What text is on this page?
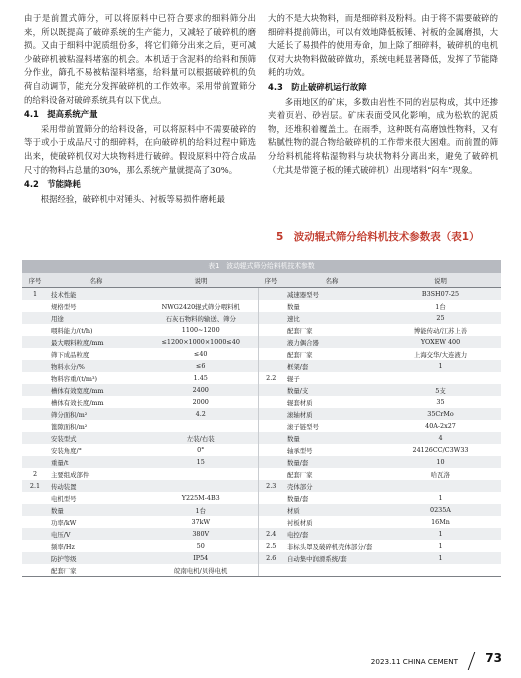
由于是前置式筛分，可以将原料中已符合要求的细料筛分出来，所以既提高了破碎系统的生产能力，又减轻了破碎机的磨损。又由于细料中泥质组份多，将它们筛分出来之后，更可减少破碎机被粘湿料堵塞的机会。本机适于含泥料的给料和预筛分作业，篩孔不易被粘湿料堵塞，给料量可以根据破碎机的负荷自动调节，能充分发挥破碎机的工作效率。采用带前置筛分的给料设备对破碎系统具有以下优点。

4.1　提高系统产量

采用带前置筛分的给料设备，可以将原料中不需要破碎的等于或小于成品尺寸的细碎料，在向破碎机的给料过程中筛选出来，使破碎机仅对大块物料进行破碎。假设原料中符合成品尺寸的物料占总量的30%，那么系统产量就提高了30%。

4.2　节能降耗

根据经验，破碎机中对锤头、衬板等易损件磨耗最

大的不是大块物料，而是细碎料及粉料。由于将不需要破碎的细碎料提前筛出，可以有效地降低板锤、衬板的金属磨损，大大延长了易损件的使用寿命，加上除了细碎料，破碎机的电机仅对大块物料做破碎做功，系统电耗显著降低，发挥了节能降耗的功效。

4.3　防止破碎机运行故障

多雨地区的矿床，多数由岩性不同的岩层构成，其中还掺夹着页岩、砂岩层。矿床表面受风化影响，成为松软的泥质物，还堆积着覆盖土。在雨季，这种既有高磨蚀性物料，又有粘腻性物的混合物给破碎机的工作带来很大困难。而前置的筛分给料机能将粘湿物料与块状物料分离出来，避免了破碎机（尤其是带篦子板的锤式破碎机）出现堵料“闷车”现象。

5　波动辊式筛分给料机技术参数表（表1）
表1　波动辊式筛分给料机技术参数
序号	名称	说明	序号	名称	说明
1	技术性能			减速器型号	B3SH07-25
	规格型号	NWG2420辊式筛分喂料机		数量	1台
	用途	石灰石物料的输送、筛分		速比	25
	喂料能力/(t/h)	1100~1200		配套厂家	博能传动/江苏上善
	最大喂料粒度/mm	≤1200×1000×1000≤40		液力偶合器	YOXEW 400
	筛下成品粒度	≤40		配套厂家	上海交华/大连液力
	物料水分/%	≤6		框架/套	1
	物料容重/(t/m³)	1.45	2.2	辊子	
	槽体有效宽度/mm	2400		数量/支	5支
	槽体有效长度/mm	2000		辊套材质	35
	筛分面积/m²	4.2		滚轴材质	35CrMo
	篦隙面积/m²			滚子链型号	40A-2x27
	安装型式	左装/右装		数量	4
	安装角度/°	0°		轴承型号	24126CC/C3W33
	重量/t	15		数量/套	10
2	主要组成部件			配套厂家	哈瓦洛
2.1	传动装置		2.3	壳体部分	
	电机型号	Y225M-4B3		数量/套	1
	数量	1台		材质	0235A
	功率/kW	37kW		衬板材质	16Mn
	电压/V	380V	2.4	电控/套	1
	频率/Hz	50	2.5	非标头罩及破碎机壳体部分/套	1
	防护等级	IP54	2.6	自动集中润滑系统/套	1
	配套厂家	皖南电机/贝得电机			
2023.11 CHINA CEMENT 73
